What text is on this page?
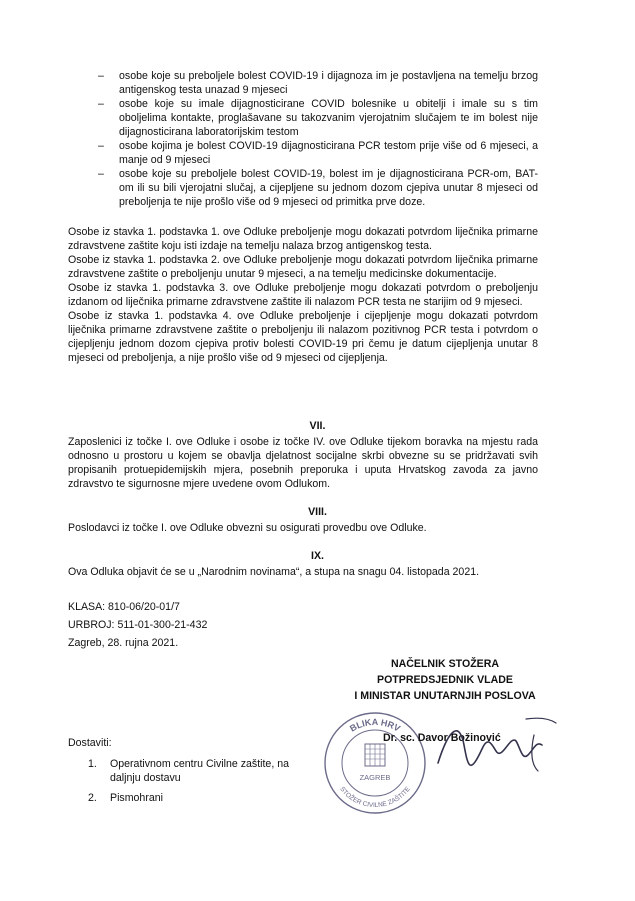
– osobe koje su preboljele bolest COVID-19 i dijagnoza im je postavljena na temelju brzog antigenskog testa unazad 9 mjeseci
– osobe koje su imale dijagnosticirane COVID bolesnike u obitelji i imale su s tim oboljelima kontakte, proglašavane su takozvanim vjerojatnim slučajem te im bolest nije dijagnosticirana laboratorijskim testom
– osobe kojima je bolest COVID-19 dijagnosticirana PCR testom prije više od 6 mjeseci, a manje od 9 mjeseci
– osobe koje su preboljele bolest COVID-19, bolest im je dijagnosticirana PCR-om, BAT-om ili su bili vjerojatni slučaj, a cijepljene su jednom dozom cjepiva unutar 8 mjeseci od preboljenja te nije prošlo više od 9 mjeseci od primitka prve doze.

Osobe iz stavka 1. podstavka 1. ove Odluke preboljenje mogu dokazati potvrdom liječnika primarne zdravstvene zaštite koju isti izdaje na temelju nalaza brzog antigenskog testa.

Osobe iz stavka 1. podstavka 2. ove Odluke preboljenje mogu dokazati potvrdom liječnika primarne zdravstvene zaštite o preboljenju unutar 9 mjeseci, a na temelju medicinske dokumentacije.

Osobe iz stavka 1. podstavka 3. ove Odluke preboljenje mogu dokazati potvrdom o preboljenju izdanom od liječnika primarne zdravstvene zaštite ili nalazom PCR testa ne starijim od 9 mjeseci.

Osobe iz stavka 1. podstavka 4. ove Odluke preboljenje i cijepljenje mogu dokazati potvrdom liječnika primarne zdravstvene zaštite o preboljenju ili nalazom pozitivnog PCR testa i potvrdom o cijepljenju jednom dozom cjepiva protiv bolesti COVID-19 pri čemu je datum cijepljenja unutar 8 mjeseci od preboljenja, a nije prošlo više od 9 mjeseci od cijepljenja.

VII.

Zaposlenici iz točke I. ove Odluke i osobe iz točke IV. ove Odluke tijekom boravka na mjestu rada odnosno u prostoru u kojem se obavlja djelatnost socijalne skrbi obvezne su se pridržavati svih propisanih protuepidemijskih mjera, posebnih preporuka i uputa Hrvatskog zavoda za javno zdravstvo te sigurnosne mjere uvedene ovom Odlukom.

VIII.

Poslodavci iz točke I. ove Odluke obvezni su osigurati provedbu ove Odluke.

IX.

Ova Odluka objavit će se u „Narodnim novinama“, a stupa na snagu 04. listopada 2021.

KLASA: 810-06/20-01/7
URBROJ: 511-01-300-21-432
Zagreb, 28. rujna 2021.
NAČELNIK STOŽERA
POTPREDSJEDNIK VLADE
I MINISTAR UNUTARNJIH POSLOVA
BLIKA HRV
STOŽER CIVILNE ZAŠTITE
ZAGREB
Dr. sc. Davor Božinović
Dostaviti:
1. Operativnom centru Civilne zaštite, na daljnju dostavu
2. Pismohrani
